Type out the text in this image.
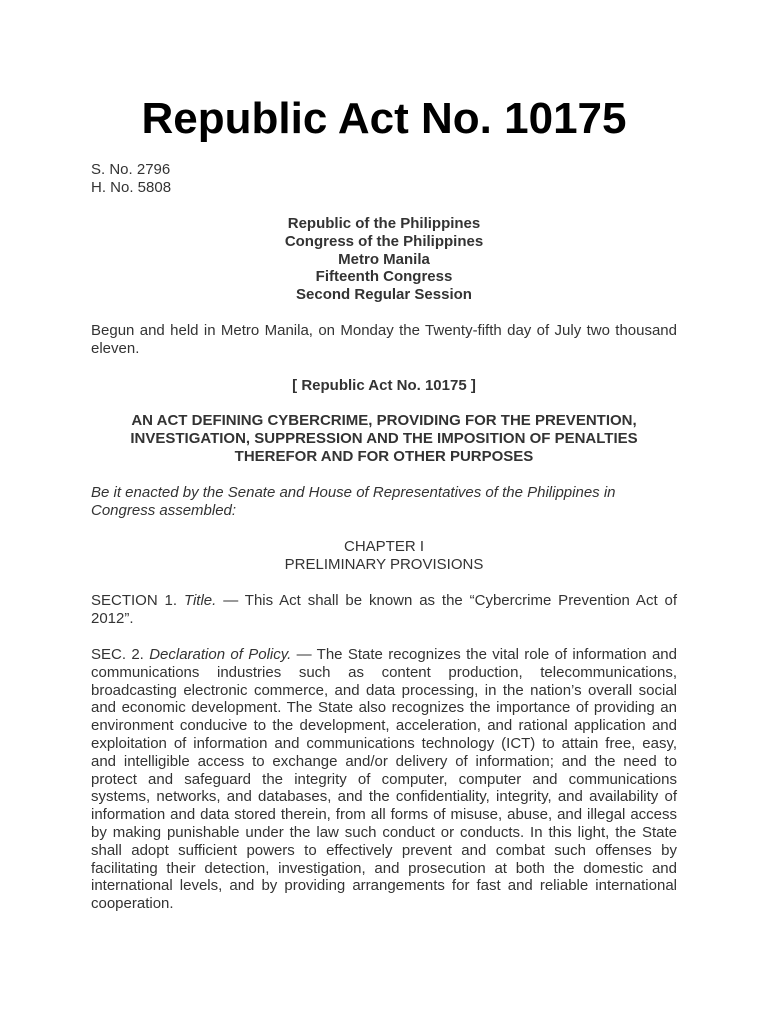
Republic Act No. 10175
S. No. 2796
H. No. 5808
Republic of the Philippines
Congress of the Philippines
Metro Manila
Fifteenth Congress
Second Regular Session
Begun and held in Metro Manila, on Monday the Twenty-fifth day of July two thousand
eleven.
[ Republic Act No. 10175 ]
AN ACT DEFINING CYBERCRIME, PROVIDING FOR THE PREVENTION,
INVESTIGATION, SUPPRESSION AND THE IMPOSITION OF PENALTIES
THEREFOR AND FOR OTHER PURPOSES
Be it enacted by the Senate and House of Representatives of the Philippines in
Congress assembled:
CHAPTER I
PRELIMINARY PROVISIONS
SECTION 1. Title. — This Act shall be known as the “Cybercrime Prevention Act of
2012”.
SEC. 2. Declaration of Policy. — The State recognizes the vital role of information and
communications industries such as content production, telecommunications,
broadcasting electronic commerce, and data processing, in the nation’s overall social
and economic development. The State also recognizes the importance of providing an
environment conducive to the development, acceleration, and rational application and
exploitation of information and communications technology (ICT) to attain free, easy,
and intelligible access to exchange and/or delivery of information; and the need to
protect and safeguard the integrity of computer, computer and communications
systems, networks, and databases, and the confidentiality, integrity, and availability of
information and data stored therein, from all forms of misuse, abuse, and illegal access
by making punishable under the law such conduct or conducts. In this light, the State
shall adopt sufficient powers to effectively prevent and combat such offenses by
facilitating their detection, investigation, and prosecution at both the domestic and
international levels, and by providing arrangements for fast and reliable international
cooperation.
